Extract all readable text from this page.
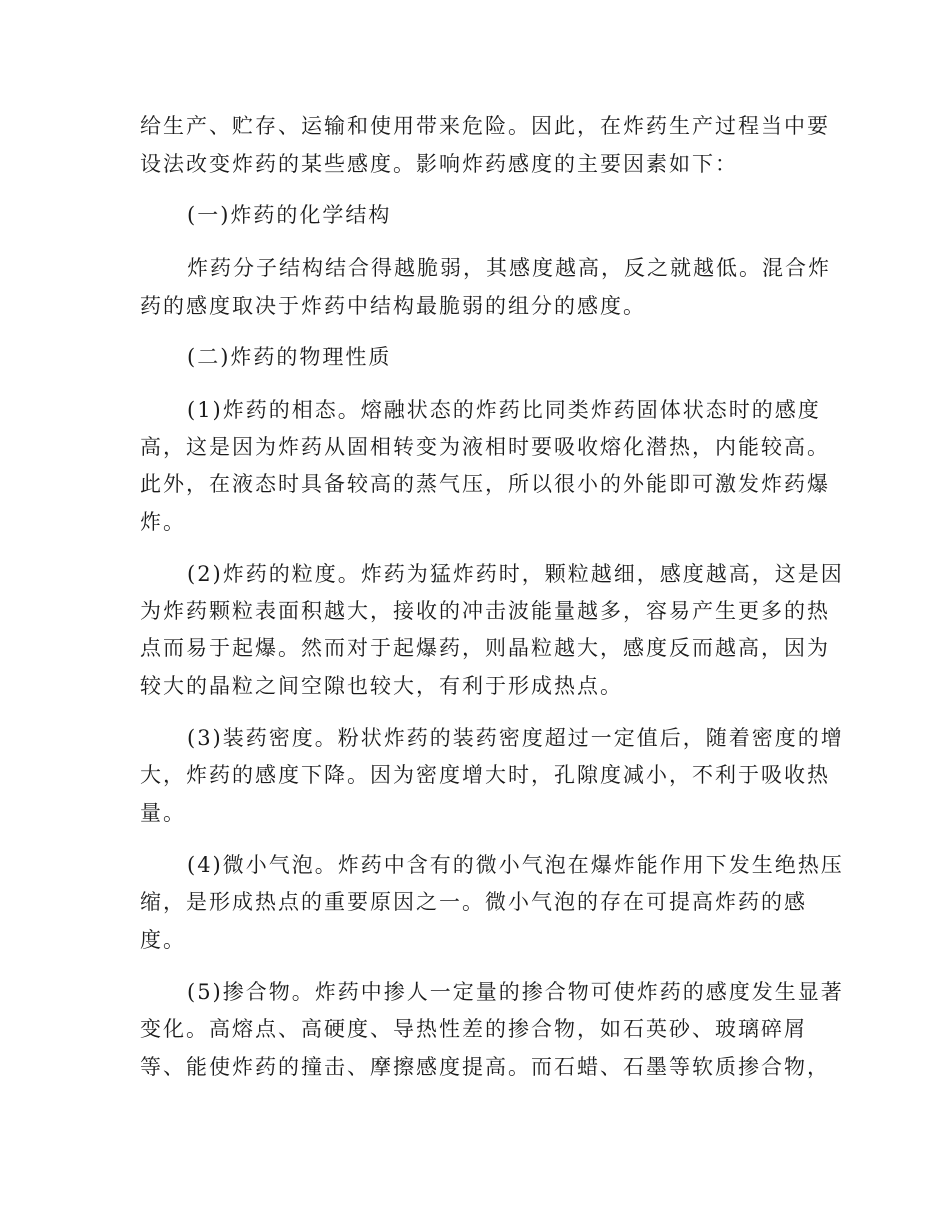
给生产、贮存、运输和使用带来危险。因此，在炸药生产过程当中要
设法改变炸药的某些感度。影响炸药感度的主要因素如下：
(一)炸药的化学结构
炸药分子结构结合得越脆弱，其感度越高，反之就越低。混合炸
药的感度取决于炸药中结构最脆弱的组分的感度。
(二)炸药的物理性质
(1)炸药的相态。熔融状态的炸药比同类炸药固体状态时的感度
高，这是因为炸药从固相转变为液相时要吸收熔化潜热，内能较高。
此外，在液态时具备较高的蒸气压，所以很小的外能即可激发炸药爆
炸。
(2)炸药的粒度。炸药为猛炸药时，颗粒越细，感度越高，这是因
为炸药颗粒表面积越大，接收的冲击波能量越多，容易产生更多的热
点而易于起爆。然而对于起爆药，则晶粒越大，感度反而越高，因为
较大的晶粒之间空隙也较大，有利于形成热点。
(3)装药密度。粉状炸药的装药密度超过一定值后，随着密度的增
大，炸药的感度下降。因为密度增大时，孔隙度减小，不利于吸收热
量。
(4)微小气泡。炸药中含有的微小气泡在爆炸能作用下发生绝热压
缩，是形成热点的重要原因之一。微小气泡的存在可提高炸药的感
度。
(5)掺合物。炸药中掺人一定量的掺合物可使炸药的感度发生显著
变化。高熔点、高硬度、导热性差的掺合物，如石英砂、玻璃碎屑
等、能使炸药的撞击、摩擦感度提高。而石蜡、石墨等软质掺合物，
